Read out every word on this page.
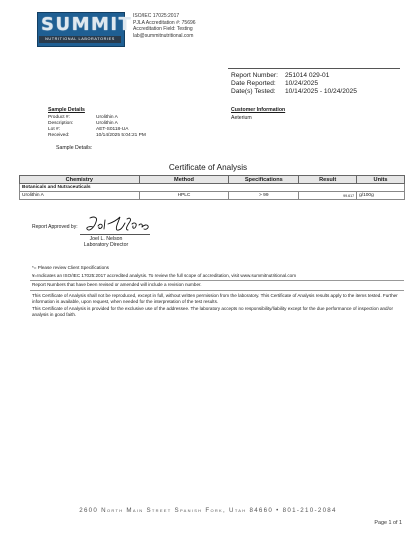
SUMMIT
NUTRITIONAL LABORATORIES
ISO/IEC 17025:2017
PJLA Accreditation #: 75696
Accreditation Field: Testing
lab@summitnutritional.com
Report Number:	251014 029-01
Date Reported:	10/24/2025
Date(s) Tested:	10/14/2025 - 10/24/2025
Sample Details
Product #:	Urolithin A
Description:	Urolithin A
Lot #:	AET-S0118-UA
Received:	10/14/2025 5:04:21 PM
Sample Details:
Customer Information
Aeterium
Certificate of Analysis
Chemistry	Method	Specifications	Result	Units
Botanicals and Nutraceuticals				
Urolithin A	HPLC	> 99	99.617	g/100g
Report Approved by:
Joel L. Nelson
Laboratory Director
*= Please review Client Specifications
¥=Indicates an ISO/IEC 17025:2017 accredited analysis. To review the full scope of accreditation, visit www.summitnutritional.com
Report Numbers that have been revised or amended will include a revision number.
This Certificate of Analysis shall not be reproduced, except in full, without written permission from the laboratory. This Certificate of Analysis results apply to the items tested. Further information is available, upon request, when needed for the interpretation of the test results.
This Certificate of Analysis is provided for the exclusive use of the addressee. The laboratory accepts no responsibility/liability except for the due performance of inspection and/or analysis in good faith.
2600 North Main Street Spanish Fork, Utah 84660 • 801-210-2084
Page 1 of 1
